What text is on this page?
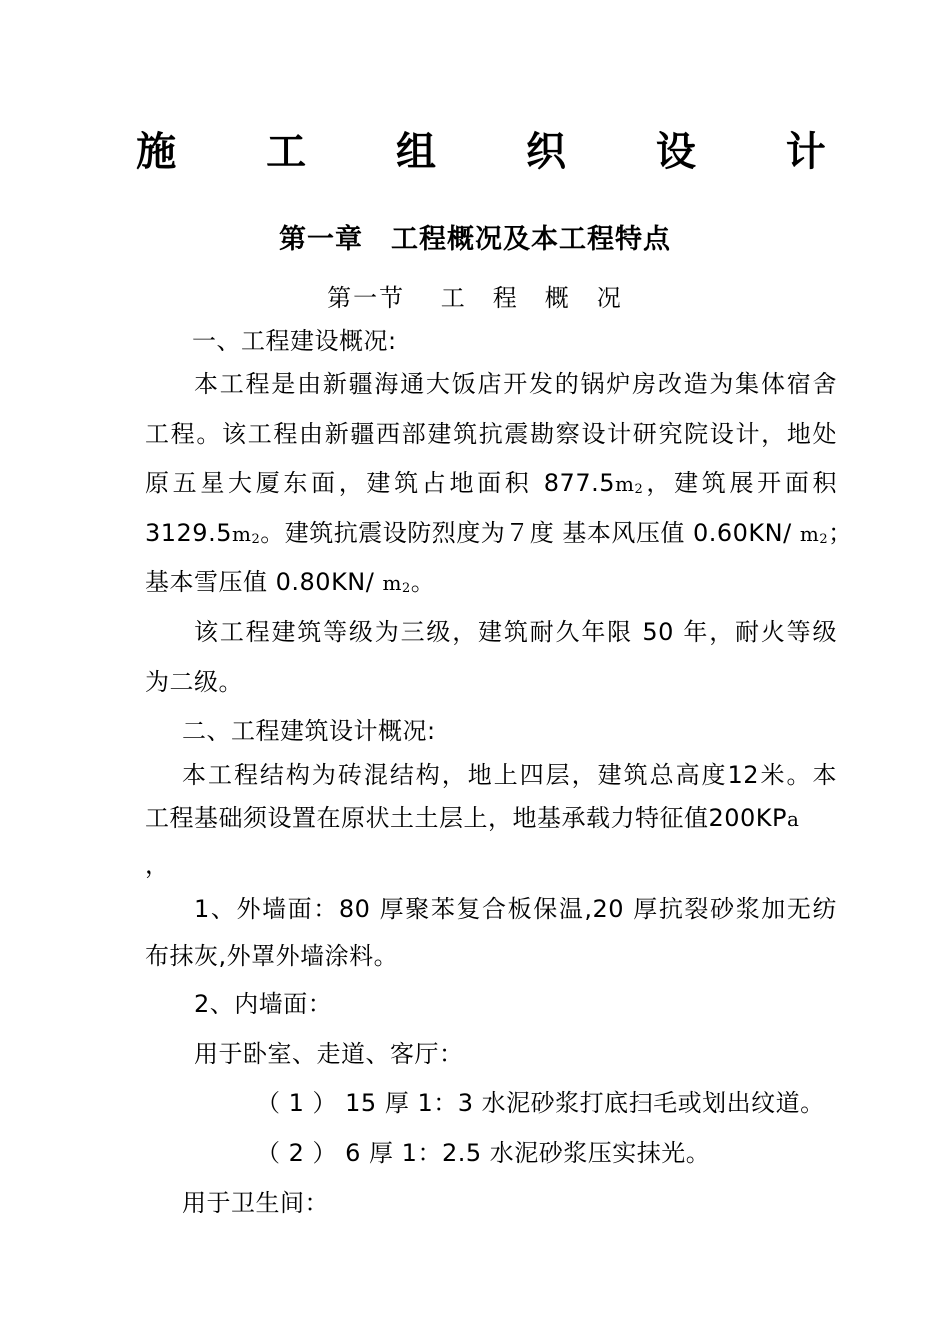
施 工 组 织 设 计
第一章　工程概况及本工程特点
第一节　 工　程　概　况
一、工程建设概况:
本工程是由新疆海通大饭店开发的锅炉房改造为集体宿舍
工程。该工程由新疆西部建筑抗震勘察设计研究院设计，地处
原五星大厦东面，建筑占地面积 $877.5m_2$，建筑展开面积
$3129.5m_2$。建筑抗震设防烈度为７度 基本风压值 0.60KN/ $m_2$；
基本雪压值 0.80KN/ $m_2$。
该工程建筑等级为三级，建筑耐久年限 50 年，耐火等级
为二级。
二、工程建筑设计概况:
本工程结构为砖混结构，地上四层，建筑总高度12米。本
工程基础须设置在原状土土层上，地基承载力特征值200KPa
，
1、外墙面：80 厚聚苯复合板保温,20 厚抗裂砂浆加无纺
布抹灰,外罩外墙涂料。
2、内墙面：
用于卧室、走道、客厅：
（ 1 ） 15 厚 1：3 水泥砂浆打底扫毛或划出纹道。
（ 2 ） 6 厚 1：2.5 水泥砂浆压实抹光。
用于卫生间：
